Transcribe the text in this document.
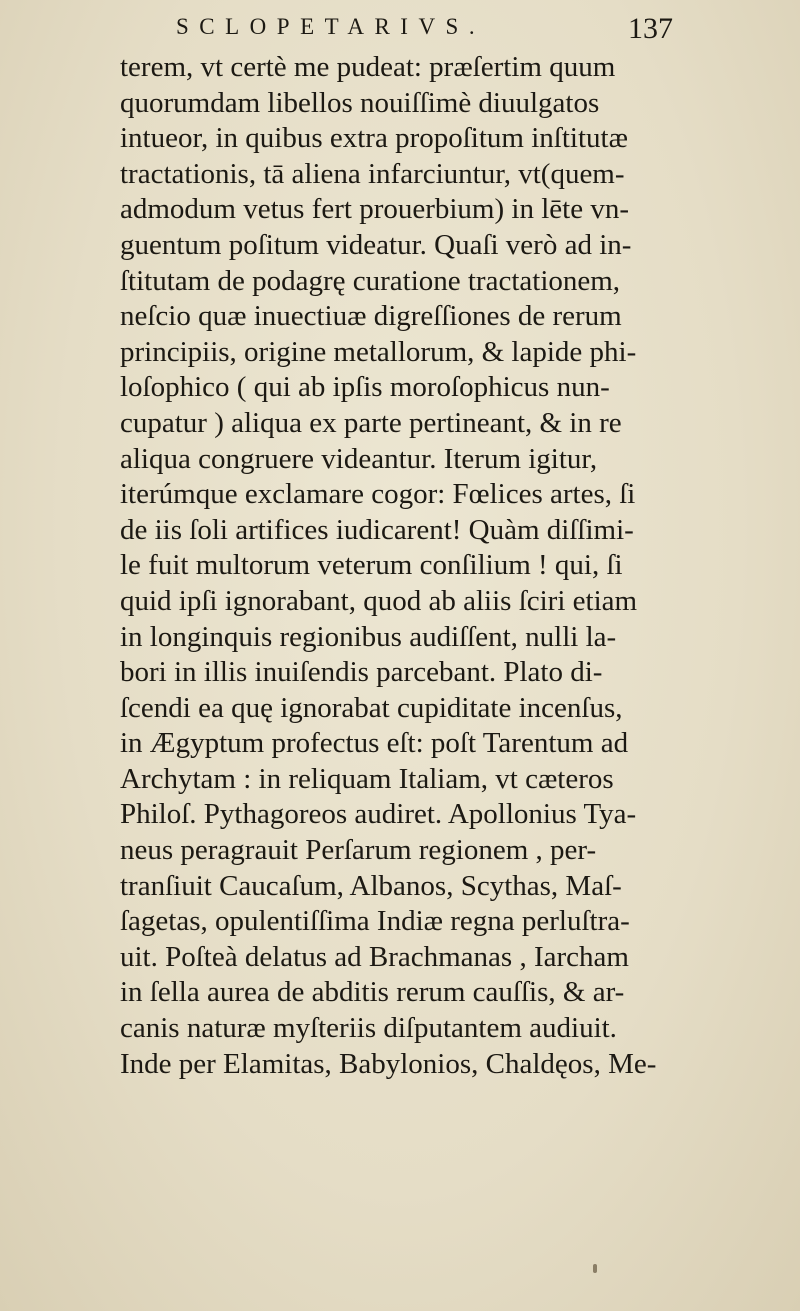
SCLOPETARIVS.	137
terem, vt certè me pudeat: præſertim quum
quorumdam libellos nouiſſimè diuulgatos
intueor, in quibus extra propoſitum inſtitutæ
tractationis, tā aliena infarciuntur, vt(quem-
admodum vetus fert prouerbium) in lēte vn-
guentum poſitum videatur. Quaſi verò ad in-
ſtitutam de podagrę curatione tractationem,
neſcio quæ inuectiuæ digreſſiones de rerum
principiis, origine metallorum, & lapide phi-
loſophico ( qui ab ipſis moroſophicus nun-
cupatur ) aliqua ex parte pertineant, & in re
aliqua congruere videantur. Iterum igitur,
iterúmque exclamare cogor: Fœlices artes, ſi
de iis ſoli artifices iudicarent! Quàm diſſimi-
le fuit multorum veterum conſilium ! qui, ſi
quid ipſi ignorabant, quod ab aliis ſciri etiam
in longinquis regionibus audiſſent, nulli la-
bori in illis inuiſendis parcebant. Plato di-
ſcendi ea quę ignorabat cupiditate incenſus,
in Ægyptum profectus eſt: poſt Tarentum ad
Archytam : in reliquam Italiam, vt cæteros
Philoſ. Pythagoreos audiret. Apollonius Tya-
neus peragrauit Perſarum regionem , per-
tranſiuit Caucaſum, Albanos, Scythas, Maſ-
ſagetas, opulentiſſima Indiæ regna perluſtra-
uit. Poſteà delatus ad Brachmanas , Iarcham
in ſella aurea de abditis rerum cauſſis, & ar-
canis naturæ myſteriis diſputantem audiuit.
Inde per Elamitas, Babylonios, Chaldęos, Me-
